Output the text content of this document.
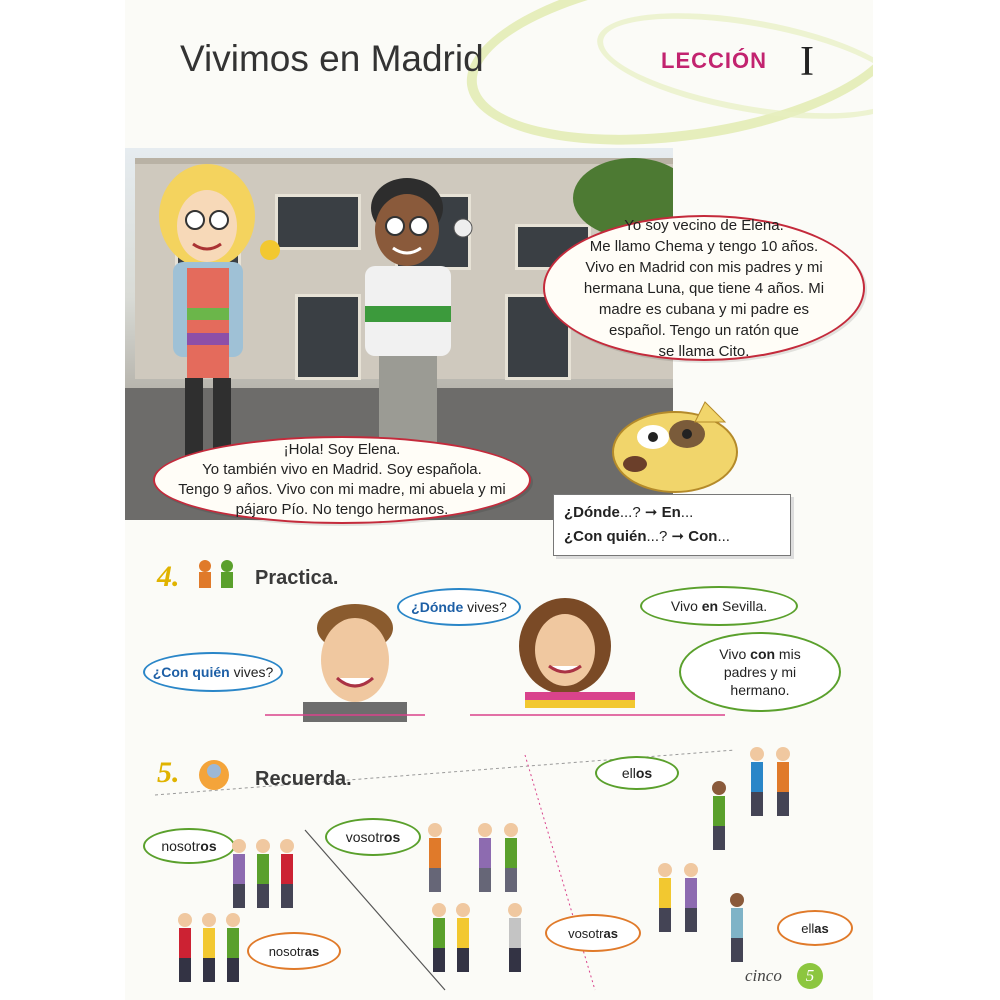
Vivimos en Madrid	LECCIÓN I
Yo soy vecino de Elena.
Me llamo Chema y tengo 10 años.
Vivo en Madrid con mis padres y mi
hermana Luna, que tiene 4 años. Mi
madre es cubana y mi padre es
español. Tengo un ratón que
se llama Cito.
¡Hola! Soy Elena.
Yo también vivo en Madrid. Soy española.
Tengo 9 años. Vivo con mi madre, mi abuela y mi
pájaro Pío. No tengo hermanos.	¿Dónde...? ➞ En...
¿Con quién...? ➞ Con...
4.	Practica.
¿Dónde vives?
¿Con quién vives?
Vivo en Sevilla.
Vivo con mis
padres y mi
hermano.
5.	Recuerda.
nosotros
vosotros
nosotras
vosotras
ellos
ellas
cinco	5
